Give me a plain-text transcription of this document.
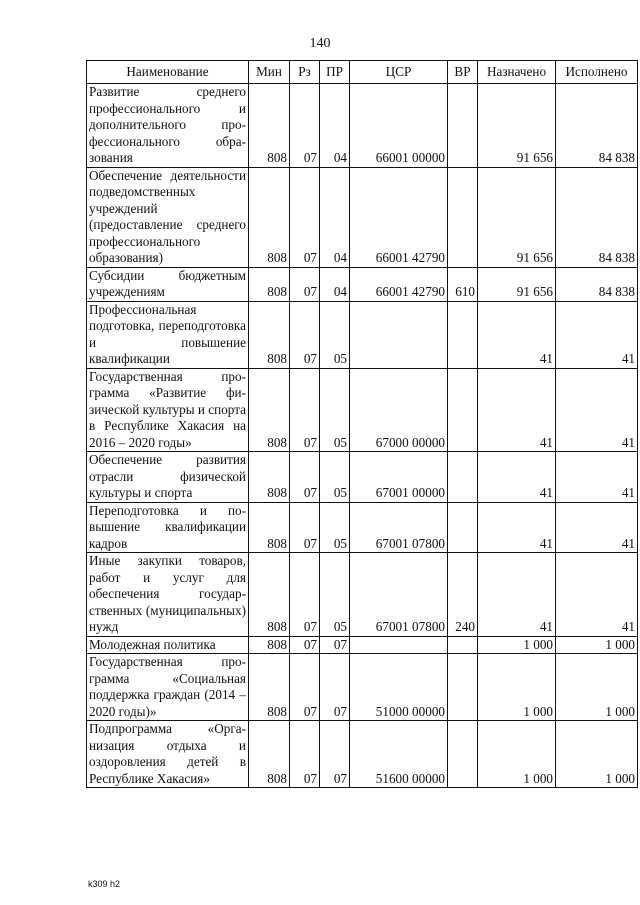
140
Наименование	Мин	Рз	ПР	ЦСР	ВР	Назначено	Исполнено
Развитие среднего профессионального и дополнительного профессионального образования	808	07	04	66001 00000		91 656	84 838
Обеспечение деятельности подведомственных учреждений (предоставление среднего профессионального образования)	808	07	04	66001 42790		91 656	84 838
Субсидии бюджетным учреждениям	808	07	04	66001 42790	610	91 656	84 838
Профессиональная подготовка, переподготовка и повышение квалификации	808	07	05			41	41
Государственная программа «Развитие физической культуры и спорта в Республике Хакасия на 2016 – 2020 годы»	808	07	05	67000 00000		41	41
Обеспечение развития отрасли физической культуры и спорта	808	07	05	67001 00000		41	41
Переподготовка и повышение квалификации кадров	808	07	05	67001 07800		41	41
Иные закупки товаров, работ и услуг для обеспечения государственных (муниципальных) нужд	808	07	05	67001 07800	240	41	41
Молодежная политика	808	07	07			1 000	1 000
Государственная программа «Социальная поддержка граждан (2014 – 2020 годы)»	808	07	07	51000 00000		1 000	1 000
Подпрограмма «Организация отдыха и оздоровления детей в Республике Хакасия»	808	07	07	51600 00000		1 000	1 000
k309 h2
